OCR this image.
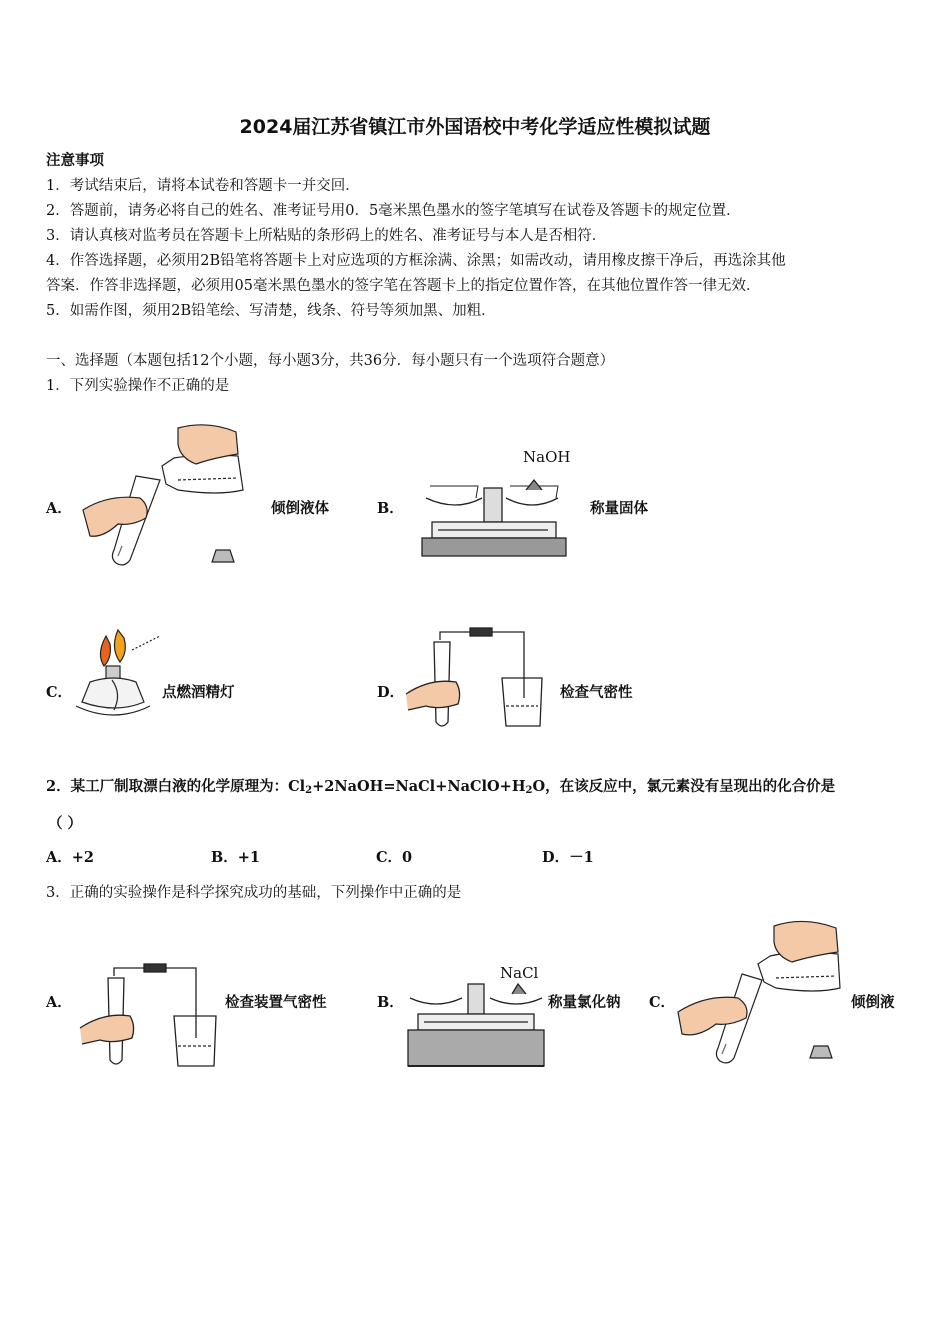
2024届江苏省镇江市外国语校中考化学适应性模拟试题
注意事项
1．考试结束后，请将本试卷和答题卡一并交回．
2．答题前，请务必将自己的姓名、准考证号用0．5毫米黑色墨水的签字笔填写在试卷及答题卡的规定位置．
3．请认真核对监考员在答题卡上所粘贴的条形码上的姓名、准考证号与本人是否相符．
4．作答选择题，必须用2B铅笔将答题卡上对应选项的方框涂满、涂黑；如需改动，请用橡皮擦干净后，再选涂其他
答案．作答非选择题，必须用05毫米黑色墨水的签字笔在答题卡上的指定位置作答，在其他位置作答一律无效．
5．如需作图，须用2B铅笔绘、写清楚，线条、符号等须加黑、加粗．
一、选择题（本题包括12个小题，每小题3分，共36分．每小题只有一个选项符合题意）
1．下列实验操作不正确的是
A．	倾倒液体	B．
NaOH
称量固体
C．	点燃酒精灯	D．	检查气密性
2．某工厂制取漂白液的化学原理为：$Cl_2+2NaOH=NaCl+NaClO+H_2O$，在该反应中，氯元素没有呈现出的化合价是
（ ）
A．+2	B．+1	C．0	D．－1
3．正确的实验操作是科学探究成功的基础，下列操作中正确的是
A．	检查装置气密性	B．
NaCl
称量氯化钠 C．	倾倒液
